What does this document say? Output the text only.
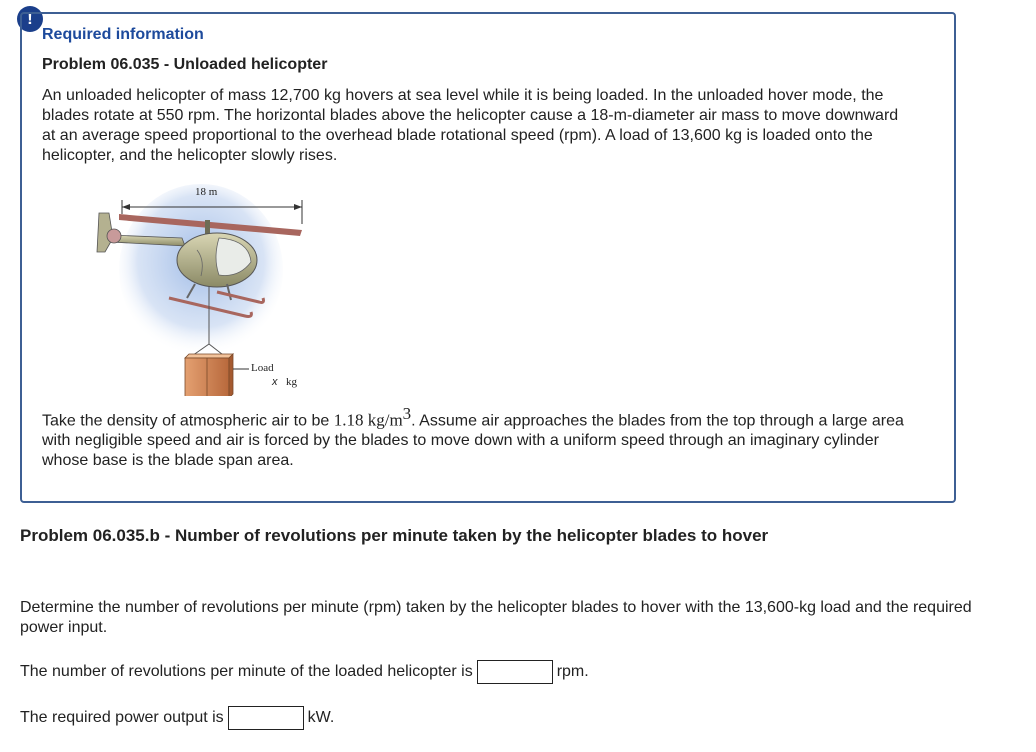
!
Required information
Problem 06.035 - Unloaded helicopter

An unloaded helicopter of mass 12,700 kg hovers at sea level while it is being loaded. In the unloaded hover mode, the blades rotate at 550 rpm. The horizontal blades above the helicopter cause a 18-m-diameter air mass to move downward at an average speed proportional to the overhead blade rotational speed (rpm). A load of 13,600 kg is loaded onto the helicopter, and the helicopter slowly rises.

18 m
Load
x kg

Take the density of atmospheric air to be 1.18 $kg/m^3$. Assume air approaches the blades from the top through a large area with negligible speed and air is forced by the blades to move down with a uniform speed through an imaginary cylinder whose base is the blade span area.

Problem 06.035.b - Number of revolutions per minute taken by the helicopter blades to hover

Determine the number of revolutions per minute (rpm) taken by the helicopter blades to hover with the 13,600-kg load and the required power input.

The number of revolutions per minute of the loaded helicopter is	rpm.
The required power output is	kW.
